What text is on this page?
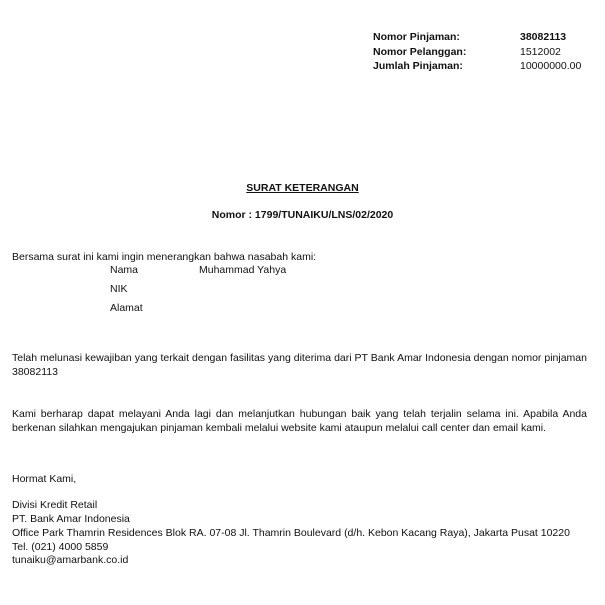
Nomor Pinjaman:	38082113
Nomor Pelanggan:	1512002
Jumlah Pinjaman:	10000000.00
SURAT KETERANGAN
Nomor : 1799/TUNAIKU/LNS/02/2020
Bersama surat ini kami ingin menerangkan bahwa nasabah kami:
Nama	Muhammad Yahya
NIK	
Alamat	

Telah melunasi kewajiban yang terkait dengan fasilitas yang diterima dari PT Bank Amar Indonesia dengan nomor pinjaman 38082113

Kami berharap dapat melayani Anda lagi dan melanjutkan hubungan baik yang telah terjalin selama ini. Apabila Anda berkenan silahkan mengajukan pinjaman kembali melalui website kami ataupun melalui call center dan email kami.

Hormat Kami,
Divisi Kredit Retail
PT. Bank Amar Indonesia
Office Park Thamrin Residences Blok RA. 07-08 Jl. Thamrin Boulevard (d/h. Kebon Kacang Raya), Jakarta Pusat 10220
Tel. (021) 4000 5859
tunaiku@amarbank.co.id
